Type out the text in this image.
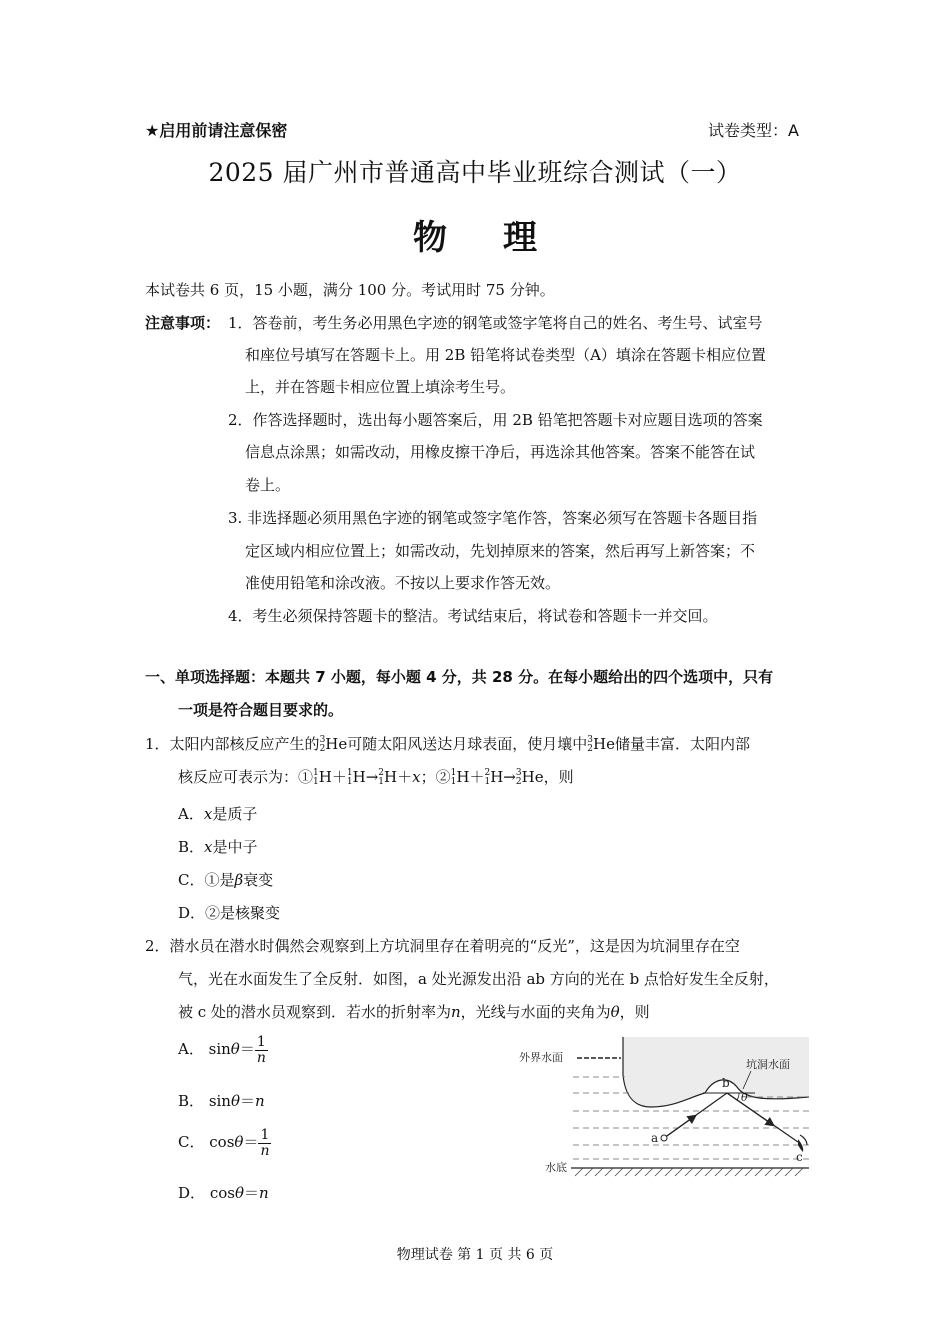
★启用前请注意保密	试卷类型：A
2025 届广州市普通高中毕业班综合测试（一）
物 理
本试卷共 6 页，15 小题，满分 100 分。考试用时 75 分钟。
注意事项： 1．答卷前，考生务必用黑色字迹的钢笔或签字笔将自己的姓名、考生号、试室号
和座位号填写在答题卡上。用 2B 铅笔将试卷类型（A）填涂在答题卡相应位置
上，并在答题卡相应位置上填涂考生号。
2．作答选择题时，选出每小题答案后，用 2B 铅笔把答题卡对应题目选项的答案
信息点涂黑；如需改动，用橡皮擦干净后，再选涂其他答案。答案不能答在试
卷上。
3. 非选择题必须用黑色字迹的钢笔或签字笔作答，答案必须写在答题卡各题目指
定区域内相应位置上；如需改动，先划掉原来的答案，然后再写上新答案；不
准使用铅笔和涂改液。不按以上要求作答无效。
4．考生必须保持答题卡的整洁。考试结束后，将试卷和答题卡一并交回。
一、单项选择题：本题共 7 小题，每小题 4 分，共 28 分。在每小题给出的四个选项中，只有
一项是符合题目要求的。
1．太阳内部核反应产生的3
2He可随太阳风送达月球表面，使月壤中3
2He储量丰富．太阳内部
核反应可表示为：①1
1H＋1
1H→2
1H＋x；②1
1H＋2
1H→3
2He，则
A．x是质子
B．x是中子
C．①是β衰变
D．②是核聚变
2．潜水员在潜水时偶然会观察到上方坑洞里存在着明亮的“反光”，这是因为坑洞里存在空
气，光在水面发生了全反射．如图，a 处光源发出沿 ab 方向的光在 b 点恰好发生全反射，
被 c 处的潜水员观察到．若水的折射率为n，光线与水面的夹角为θ，则
A． $\sin\theta= \frac{1}{n}$
B． sinθ＝n
C． $\cos\theta= \frac{1}{n}$
D． cosθ＝n
外界水面
坑洞水面
水底
a
b
c
θ
物理试卷 第 1 页 共 6 页
